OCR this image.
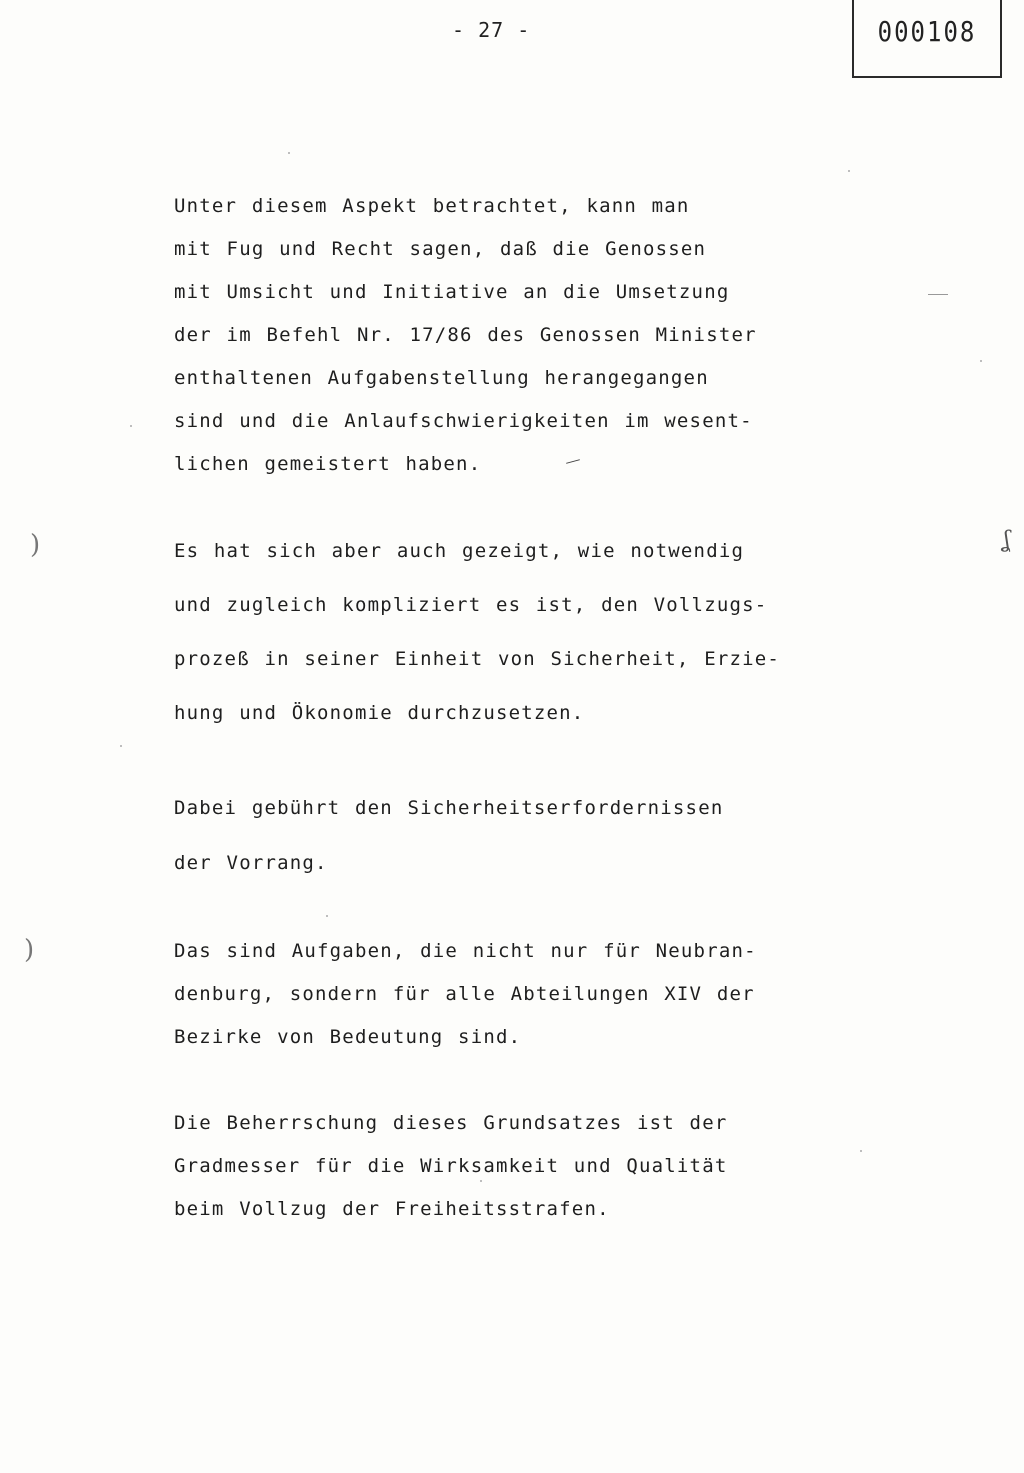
- 27 -	000108
Unter diesem Aspekt betrachtet, kann man
mit Fug und Recht sagen, daß die Genossen
mit Umsicht und Initiative an die Umsetzung
der im Befehl Nr. 17/86 des Genossen Minister
enthaltenen Aufgabenstellung herangegangen
sind und die Anlaufschwierigkeiten im wesent-
lichen gemeistert haben.
Es hat sich aber auch gezeigt, wie notwendig
und zugleich kompliziert es ist, den Vollzugs-
prozeß in seiner Einheit von Sicherheit, Erzie-
hung und Ökonomie durchzusetzen.
Dabei gebührt den Sicherheitserfordernissen
der Vorrang.
Das sind Aufgaben, die nicht nur für Neubran-
denburg, sondern für alle Abteilungen XIV der
Bezirke von Bedeutung sind.
Die Beherrschung dieses Grundsatzes ist der
Gradmesser für die Wirksamkeit und Qualität
beim Vollzug der Freiheitsstrafen.
)
)
ʆ
